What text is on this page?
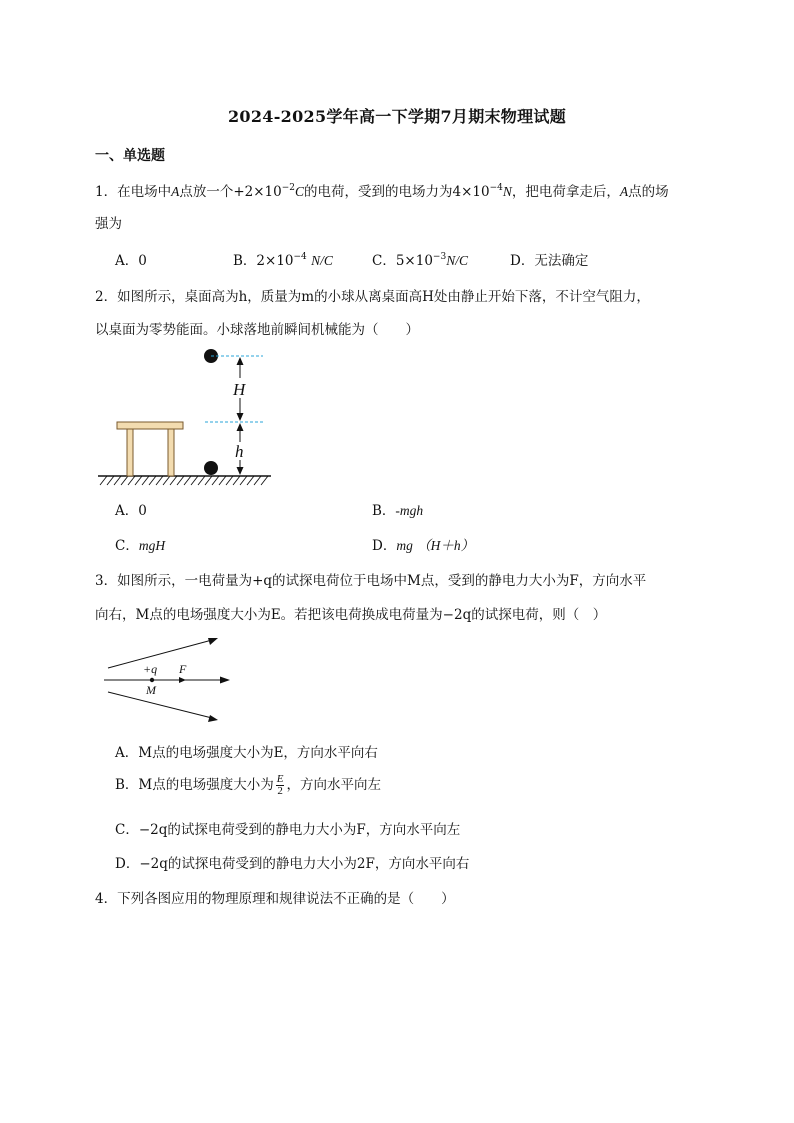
2024-2025学年高一下学期7月期末物理试题
一、单选题
1．在电场中A点放一个$+2\times 10^{-2}C$的电荷，受到的电场力为$4\times 10^{-4}N$，把电荷拿走后，A点的场
强为
A．0	B．$2\times 10^{-4}$ N/C	C．$5\times 10^{-3}N/C$	D．无法确定
2．如图所示，桌面高为h，质量为m的小球从离桌面高H处由静止开始下落，不计空气阻力，
以桌面为零势能面。小球落地前瞬间机械能为（　　）
H
h
A．0	B．-mgh
C．mgH	D．mg （H＋h）
3．如图所示，一电荷量为+q的试探电荷位于电场中M点，受到的静电力大小为F，方向水平
向右，M点的电场强度大小为E。若把该电荷换成电荷量为−2q的试探电荷，则（　）
+q F
M
A．M点的电场强度大小为E，方向水平向右
B．M点的电场强度大小为 $\frac{E}{2}$ ，方向水平向左
C．−2q的试探电荷受到的静电力大小为F，方向水平向左
D．−2q的试探电荷受到的静电力大小为2F，方向水平向右
4．下列各图应用的物理原理和规律说法不正确的是（　　）
